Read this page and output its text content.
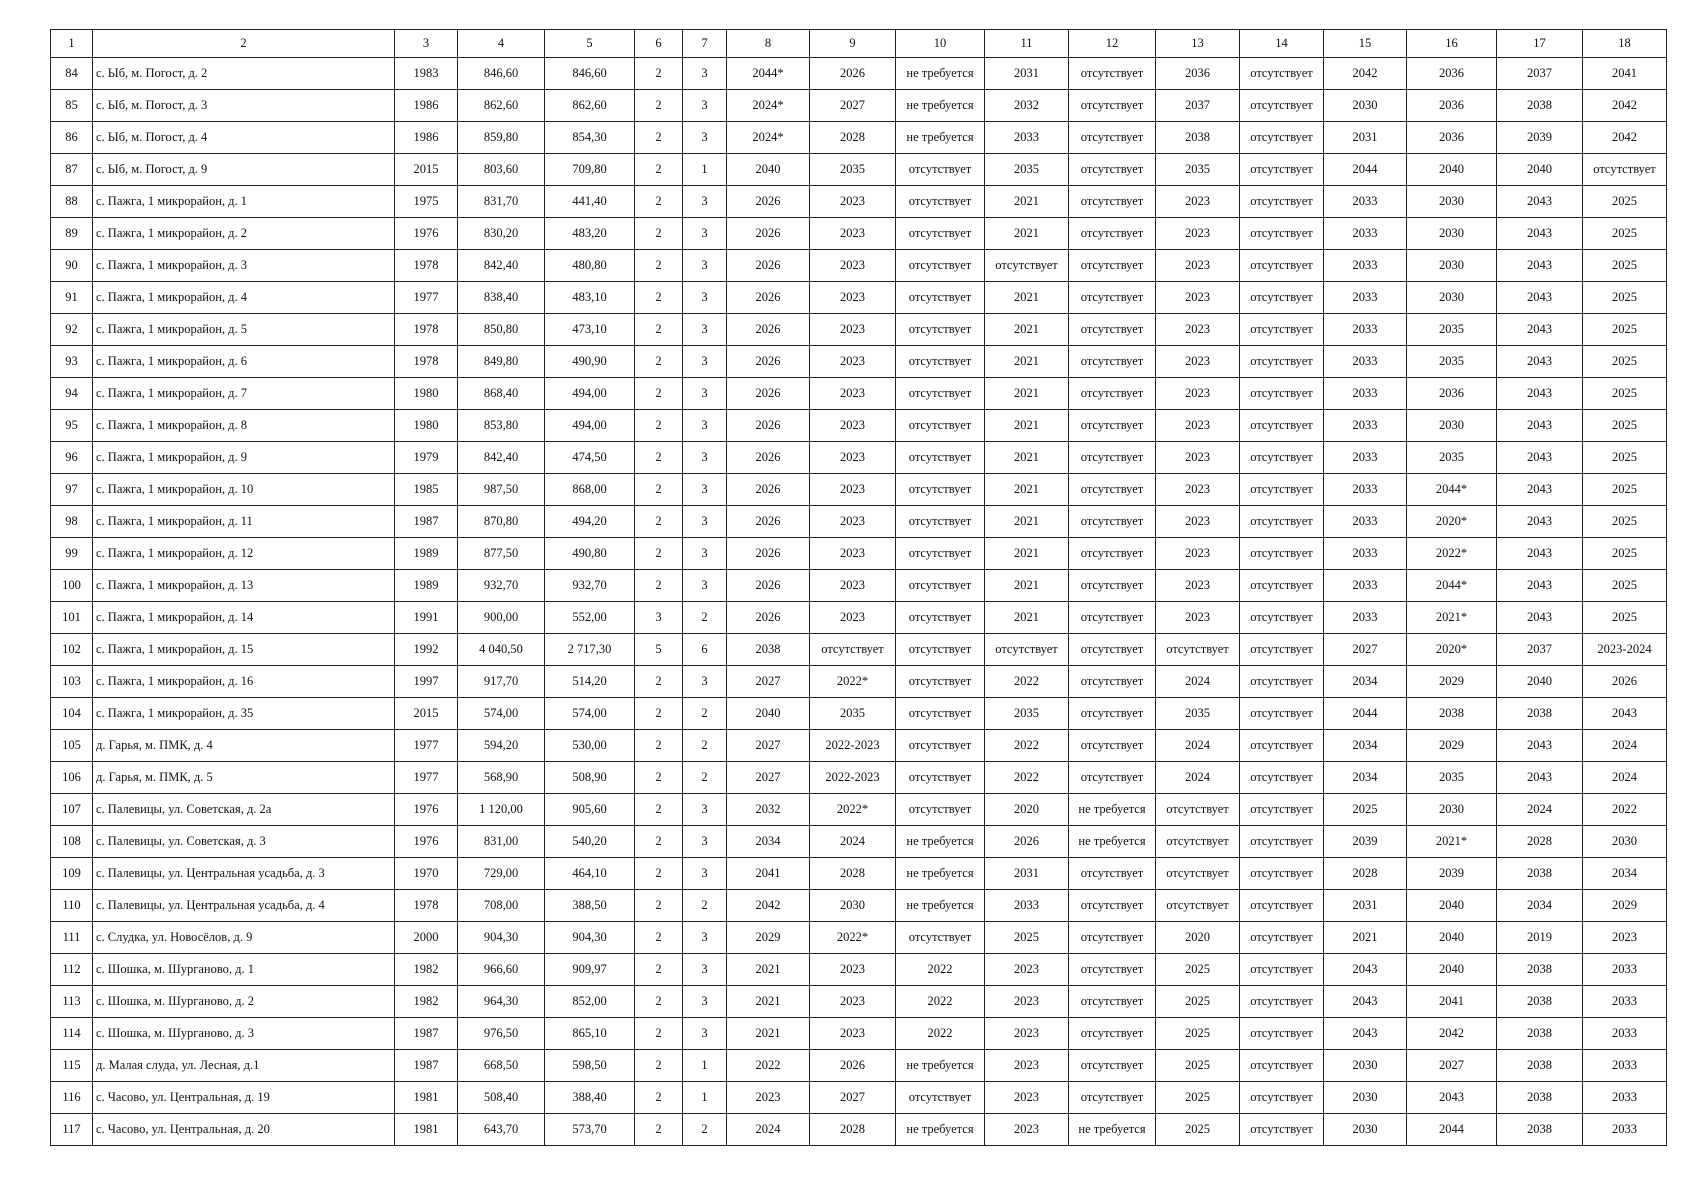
1	2	3	4	5	6	7	8	9	10	11	12	13	14	15	16	17	18
84	с. Ыб, м. Погост, д. 2	1983	846,60	846,60	2	3	2044*	2026	не требуется	2031	отсутствует	2036	отсутствует	2042	2036	2037	2041
85	с. Ыб, м. Погост, д. 3	1986	862,60	862,60	2	3	2024*	2027	не требуется	2032	отсутствует	2037	отсутствует	2030	2036	2038	2042
86	с. Ыб, м. Погост, д. 4	1986	859,80	854,30	2	3	2024*	2028	не требуется	2033	отсутствует	2038	отсутствует	2031	2036	2039	2042
87	с. Ыб, м. Погост, д. 9	2015	803,60	709,80	2	1	2040	2035	отсутствует	2035	отсутствует	2035	отсутствует	2044	2040	2040	отсутствует
88	с. Пажга, 1 микрорайон, д. 1	1975	831,70	441,40	2	3	2026	2023	отсутствует	2021	отсутствует	2023	отсутствует	2033	2030	2043	2025
89	с. Пажга, 1 микрорайон, д. 2	1976	830,20	483,20	2	3	2026	2023	отсутствует	2021	отсутствует	2023	отсутствует	2033	2030	2043	2025
90	с. Пажга, 1 микрорайон, д. 3	1978	842,40	480,80	2	3	2026	2023	отсутствует	отсутствует	отсутствует	2023	отсутствует	2033	2030	2043	2025
91	с. Пажга, 1 микрорайон, д. 4	1977	838,40	483,10	2	3	2026	2023	отсутствует	2021	отсутствует	2023	отсутствует	2033	2030	2043	2025
92	с. Пажга, 1 микрорайон, д. 5	1978	850,80	473,10	2	3	2026	2023	отсутствует	2021	отсутствует	2023	отсутствует	2033	2035	2043	2025
93	с. Пажга, 1 микрорайон, д. 6	1978	849,80	490,90	2	3	2026	2023	отсутствует	2021	отсутствует	2023	отсутствует	2033	2035	2043	2025
94	с. Пажга, 1 микрорайон, д. 7	1980	868,40	494,00	2	3	2026	2023	отсутствует	2021	отсутствует	2023	отсутствует	2033	2036	2043	2025
95	с. Пажга, 1 микрорайон, д. 8	1980	853,80	494,00	2	3	2026	2023	отсутствует	2021	отсутствует	2023	отсутствует	2033	2030	2043	2025
96	с. Пажга, 1 микрорайон, д. 9	1979	842,40	474,50	2	3	2026	2023	отсутствует	2021	отсутствует	2023	отсутствует	2033	2035	2043	2025
97	с. Пажга, 1 микрорайон, д. 10	1985	987,50	868,00	2	3	2026	2023	отсутствует	2021	отсутствует	2023	отсутствует	2033	2044*	2043	2025
98	с. Пажга, 1 микрорайон, д. 11	1987	870,80	494,20	2	3	2026	2023	отсутствует	2021	отсутствует	2023	отсутствует	2033	2020*	2043	2025
99	с. Пажга, 1 микрорайон, д. 12	1989	877,50	490,80	2	3	2026	2023	отсутствует	2021	отсутствует	2023	отсутствует	2033	2022*	2043	2025
100	с. Пажга, 1 микрорайон, д. 13	1989	932,70	932,70	2	3	2026	2023	отсутствует	2021	отсутствует	2023	отсутствует	2033	2044*	2043	2025
101	с. Пажга, 1 микрорайон, д. 14	1991	900,00	552,00	3	2	2026	2023	отсутствует	2021	отсутствует	2023	отсутствует	2033	2021*	2043	2025
102	с. Пажга, 1 микрорайон, д. 15	1992	4 040,50	2 717,30	5	6	2038	отсутствует	отсутствует	отсутствует	отсутствует	отсутствует	отсутствует	2027	2020*	2037	2023-2024
103	с. Пажга, 1 микрорайон, д. 16	1997	917,70	514,20	2	3	2027	2022*	отсутствует	2022	отсутствует	2024	отсутствует	2034	2029	2040	2026
104	с. Пажга, 1 микрорайон, д. 35	2015	574,00	574,00	2	2	2040	2035	отсутствует	2035	отсутствует	2035	отсутствует	2044	2038	2038	2043
105	д. Гарья, м. ПМК, д. 4	1977	594,20	530,00	2	2	2027	2022-2023	отсутствует	2022	отсутствует	2024	отсутствует	2034	2029	2043	2024
106	д. Гарья, м. ПМК, д. 5	1977	568,90	508,90	2	2	2027	2022-2023	отсутствует	2022	отсутствует	2024	отсутствует	2034	2035	2043	2024
107	с. Палевицы, ул. Советская, д. 2а	1976	1 120,00	905,60	2	3	2032	2022*	отсутствует	2020	не требуется	отсутствует	отсутствует	2025	2030	2024	2022
108	с. Палевицы, ул. Советская, д. 3	1976	831,00	540,20	2	3	2034	2024	не требуется	2026	не требуется	отсутствует	отсутствует	2039	2021*	2028	2030
109	с. Палевицы, ул. Центральная усадьба, д. 3	1970	729,00	464,10	2	3	2041	2028	не требуется	2031	отсутствует	отсутствует	отсутствует	2028	2039	2038	2034
110	с. Палевицы, ул. Центральная усадьба, д. 4	1978	708,00	388,50	2	2	2042	2030	не требуется	2033	отсутствует	отсутствует	отсутствует	2031	2040	2034	2029
111	с. Слудка, ул. Новосёлов, д. 9	2000	904,30	904,30	2	3	2029	2022*	отсутствует	2025	отсутствует	2020	отсутствует	2021	2040	2019	2023
112	с. Шошка, м. Шурганово, д. 1	1982	966,60	909,97	2	3	2021	2023	2022	2023	отсутствует	2025	отсутствует	2043	2040	2038	2033
113	с. Шошка, м. Шурганово, д. 2	1982	964,30	852,00	2	3	2021	2023	2022	2023	отсутствует	2025	отсутствует	2043	2041	2038	2033
114	с. Шошка, м. Шурганово, д. 3	1987	976,50	865,10	2	3	2021	2023	2022	2023	отсутствует	2025	отсутствует	2043	2042	2038	2033
115	д. Малая слуда, ул. Лесная, д.1	1987	668,50	598,50	2	1	2022	2026	не требуется	2023	отсутствует	2025	отсутствует	2030	2027	2038	2033
116	с. Часово, ул. Центральная, д. 19	1981	508,40	388,40	2	1	2023	2027	отсутствует	2023	отсутствует	2025	отсутствует	2030	2043	2038	2033
117	с. Часово, ул. Центральная, д. 20	1981	643,70	573,70	2	2	2024	2028	не требуется	2023	не требуется	2025	отсутствует	2030	2044	2038	2033
